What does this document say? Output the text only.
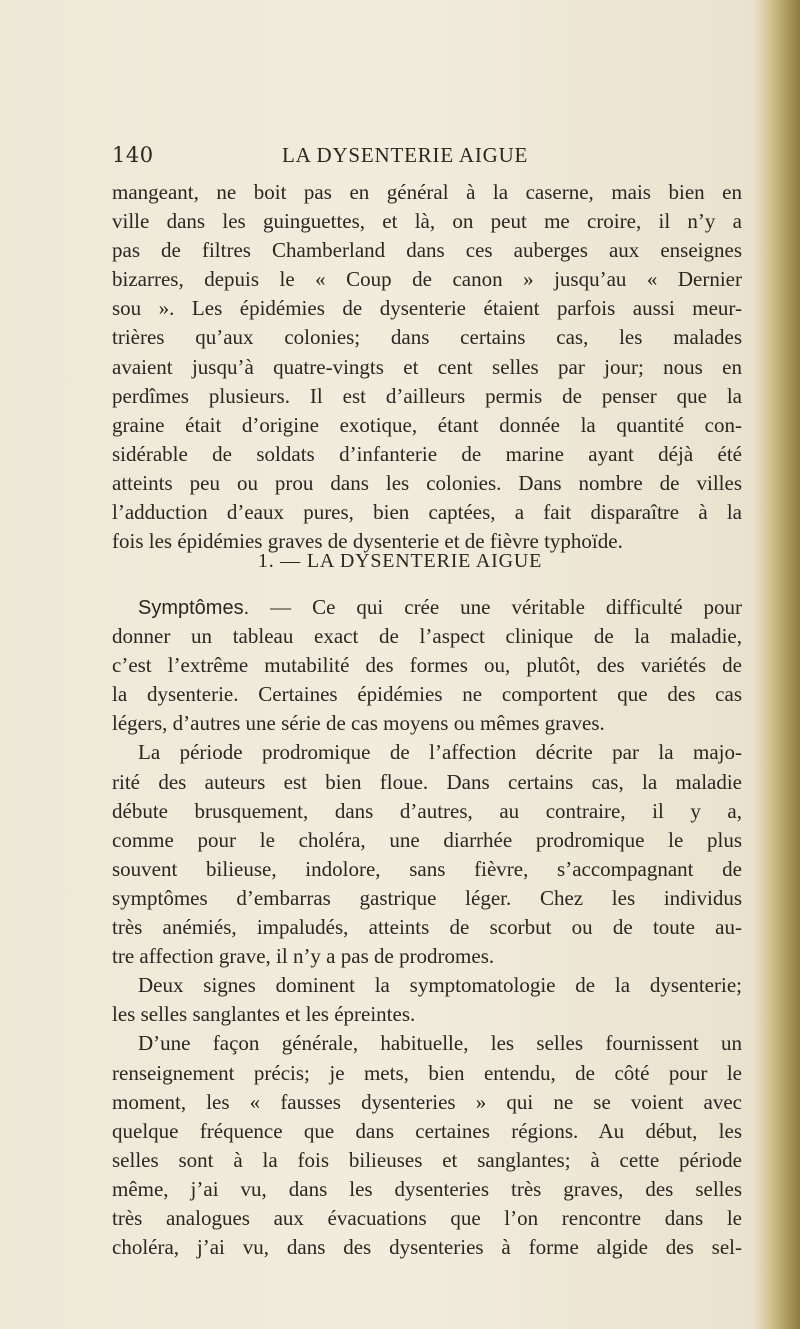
140	LA DYSENTERIE AIGUE
mangeant, ne boit pas en général à la caserne, mais bien en
ville dans les guinguettes, et là, on peut me croire, il n’y a
pas de filtres Chamberland dans ces auberges aux enseignes
bizarres, depuis le « Coup de canon » jusqu’au « Dernier
sou ». Les épidémies de dysenterie étaient parfois aussi meur-
trières qu’aux colonies; dans certains cas, les malades
avaient jusqu’à quatre-vingts et cent selles par jour; nous en
perdîmes plusieurs. Il est d’ailleurs permis de penser que la
graine était d’origine exotique, étant donnée la quantité con-
sidérable de soldats d’infanterie de marine ayant déjà été
atteints peu ou prou dans les colonies. Dans nombre de villes
l’adduction d’eaux pures, bien captées, a fait disparaître à la
fois les épidémies graves de dysenterie et de fièvre typhoïde.
1. — LA DYSENTERIE AIGUE
Symptômes. — Ce qui crée une véritable difficulté pour
donner un tableau exact de l’aspect clinique de la maladie,
c’est l’extrême mutabilité des formes ou, plutôt, des variétés de
la dysenterie. Certaines épidémies ne comportent que des cas
légers, d’autres une série de cas moyens ou mêmes graves.
La période prodromique de l’affection décrite par la majo-
rité des auteurs est bien floue. Dans certains cas, la maladie
débute brusquement, dans d’autres, au contraire, il y a,
comme pour le choléra, une diarrhée prodromique le plus
souvent bilieuse, indolore, sans fièvre, s’accompagnant de
symptômes d’embarras gastrique léger. Chez les individus
très anémiés, impaludés, atteints de scorbut ou de toute au-
tre affection grave, il n’y a pas de prodromes.
Deux signes dominent la symptomatologie de la dysenterie;
les selles sanglantes et les épreintes.
D’une façon générale, habituelle, les selles fournissent un
renseignement précis; je mets, bien entendu, de côté pour le
moment, les « fausses dysenteries » qui ne se voient avec
quelque fréquence que dans certaines régions. Au début, les
selles sont à la fois bilieuses et sanglantes; à cette période
même, j’ai vu, dans les dysenteries très graves, des selles
très analogues aux évacuations que l’on rencontre dans le
choléra, j’ai vu, dans des dysenteries à forme algide des sel-
